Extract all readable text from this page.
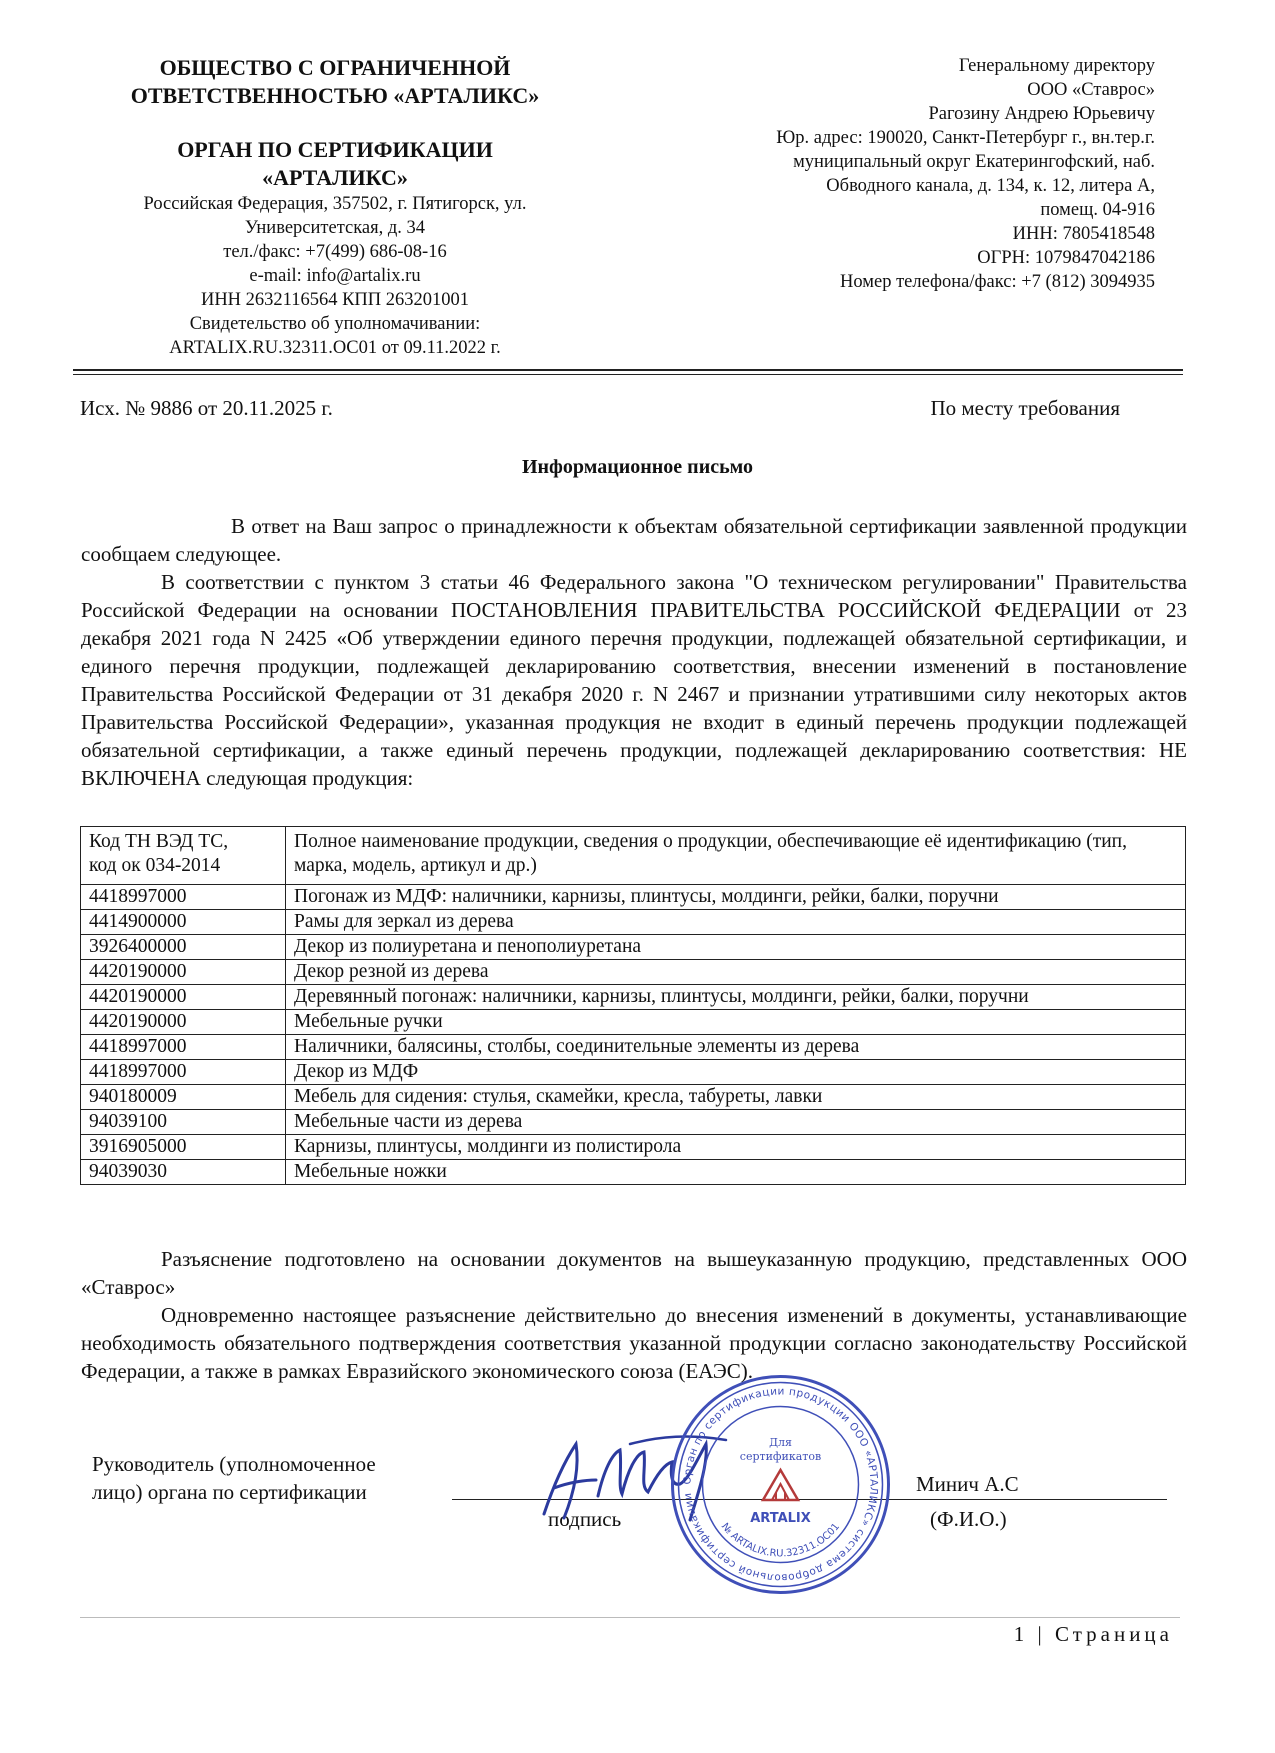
ОБЩЕСТВО С ОГРАНИЧЕННОЙ
ОТВЕТСТВЕННОСТЬЮ «АРТАЛИКС»
ОРГАН ПО СЕРТИФИКАЦИИ
«АРТАЛИКС»
Российская Федерация, 357502, г. Пятигорск, ул.
Университетская, д. 34
тел./факс: +7(499) 686-08-16
e-mail: info@artalix.ru
ИНН 2632116564 КПП 263201001
Свидетельство об уполномачивании:
ARTALIX.RU.32311.OC01 от 09.11.2022 г.
Генеральному директору
ООО «Ставрос»
Рагозину Андрею Юрьевичу
Юр. адрес: 190020, Санкт-Петербург г., вн.тер.г.
муниципальный округ Екатерингофский, наб.
Обводного канала, д. 134, к. 12, литера А,
помещ. 04-916
ИНН: 7805418548
ОГРН: 1079847042186
Номер телефона/факс: +7 (812) 3094935
Исх. № 9886 от 20.11.2025 г.	По месту требования
Информационное письмо
В ответ на Ваш запрос о принадлежности к объектам обязательной сертификации заявленной продукции сообщаем следующее.
В соответствии с пунктом 3 статьи 46 Федерального закона "О техническом регулировании" Правительства Российской Федерации на основании ПОСТАНОВЛЕНИЯ ПРАВИТЕЛЬСТВА РОССИЙСКОЙ ФЕДЕРАЦИИ от 23 декабря 2021 года N 2425 «Об утверждении единого перечня продукции, подлежащей обязательной сертификации, и единого перечня продукции, подлежащей декларированию соответствия, внесении изменений в постановление Правительства Российской Федерации от 31 декабря 2020 г. N 2467 и признании утратившими силу некоторых актов Правительства Российской Федерации», указанная продукция не входит в единый перечень продукции подлежащей обязательной сертификации, а также единый перечень продукции, подлежащей декларированию соответствия: НЕ ВКЛЮЧЕНА следующая продукция:
Код ТН ВЭД ТС,
код ок 034-2014	Полное наименование продукции, сведения о продукции, обеспечивающие её идентификацию (тип, марка, модель, артикул и др.)
4418997000	Погонаж из МДФ: наличники, карнизы, плинтусы, молдинги, рейки, балки, поручни
4414900000	Рамы для зеркал из дерева
3926400000	Декор из полиуретана и пенополиуретана
4420190000	Декор резной из дерева
4420190000	Деревянный погонаж: наличники, карнизы, плинтусы, молдинги, рейки, балки, поручни
4420190000	Мебельные ручки
4418997000	Наличники, балясины, столбы, соединительные элементы из дерева
4418997000	Декор из МДФ
940180009	Мебель для сидения: стулья, скамейки, кресла, табуреты, лавки
94039100	Мебельные части из дерева
3916905000	Карнизы, плинтусы, молдинги из полистирола
94039030	Мебельные ножки
Разъяснение подготовлено на основании документов на вышеуказанную продукцию, представленных ООО «Ставрос»
Одновременно настоящее разъяснение действительно до внесения изменений в документы, устанавливающие необходимость обязательного подтверждения соответствия указанной продукции согласно законодательству Российской Федерации, а также в рамках Евразийского экономического союза (ЕАЭС).
Руководитель (уполномоченное
лицо) органа по сертификации
подпись
Минич А.С
(Ф.И.О.)
Орган по сертификации продукции ООО «АРТАЛИКС» система добровольной сертификации
№ ARTALIX.RU.32311.OC01
Для
сертификатов
ARTALIX
1 | Страница
